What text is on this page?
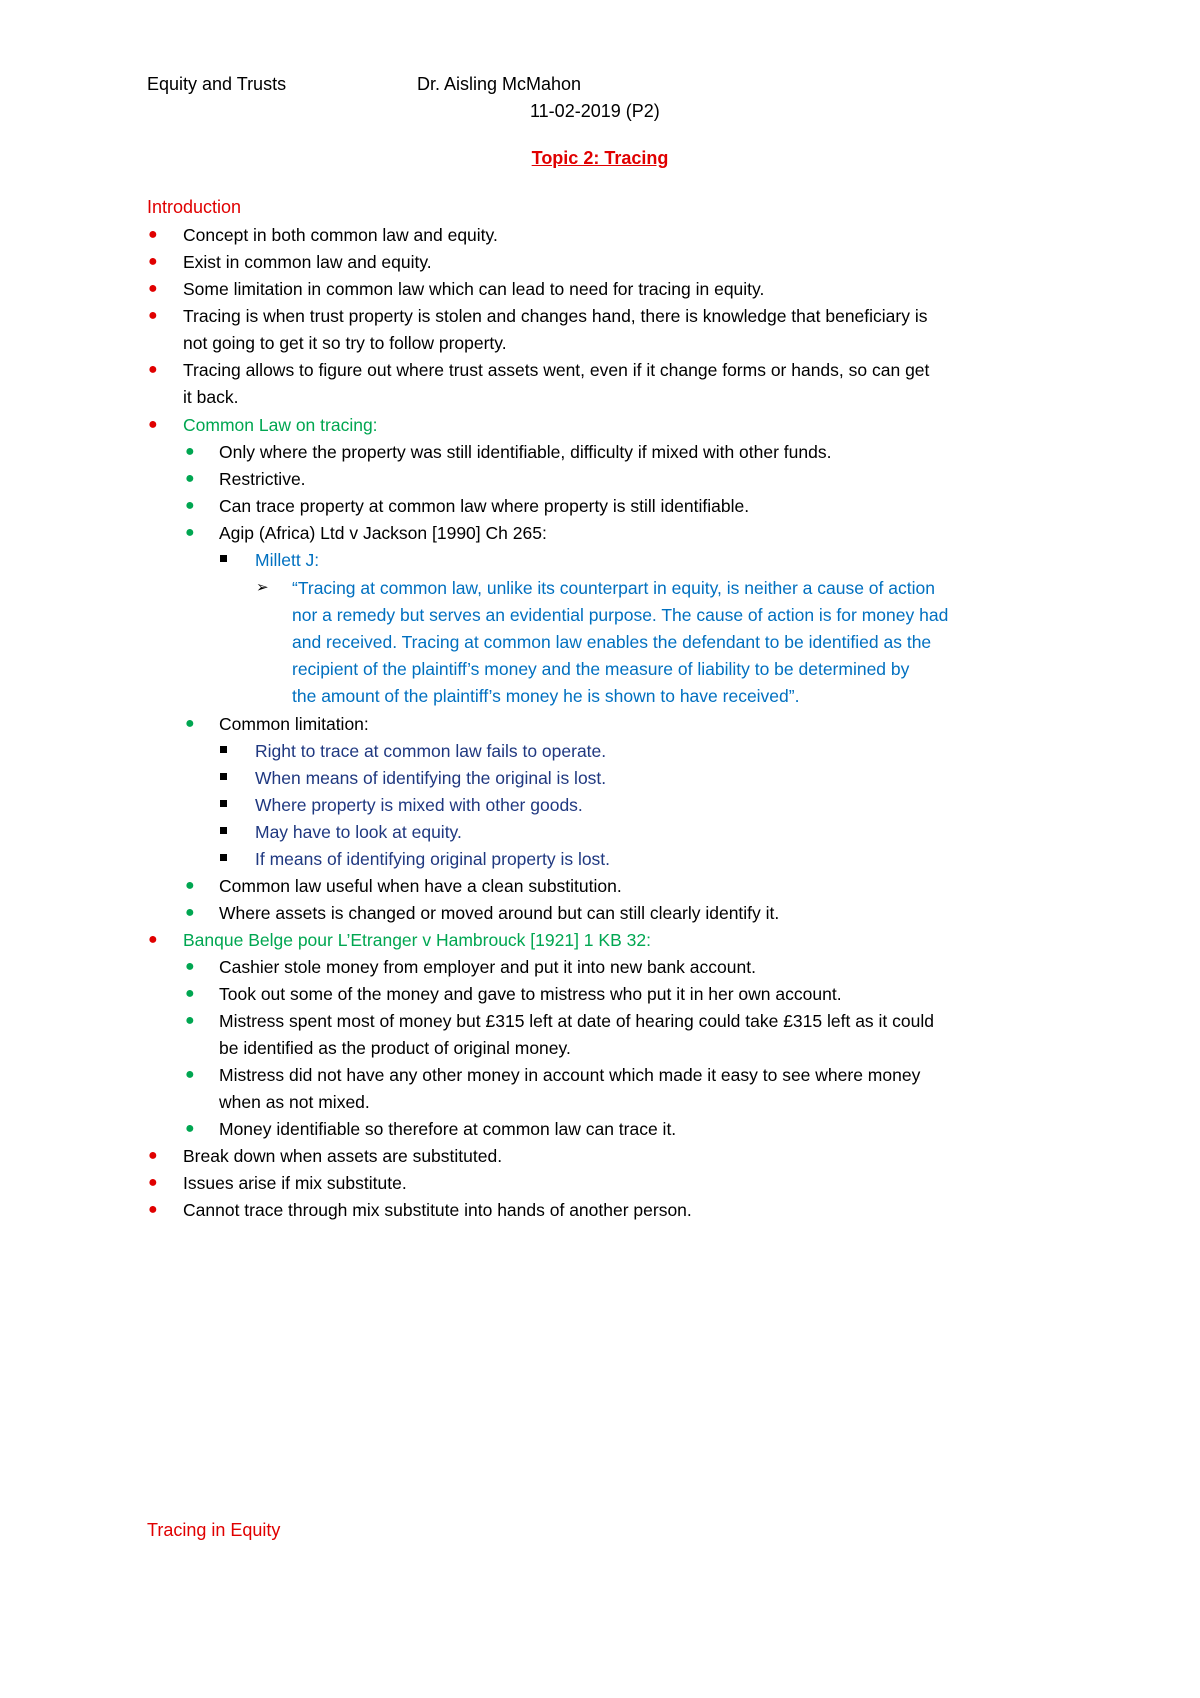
Equity and Trusts	Dr. Aisling McMahon
11-02-2019 (P2)
Topic 2: Tracing
Introduction
● Concept in both common law and equity.
● Exist in common law and equity.
● Some limitation in common law which can lead to need for tracing in equity.
● Tracing is when trust property is stolen and changes hand, there is knowledge that beneficiary is
not going to get it so try to follow property.
● Tracing allows to figure out where trust assets went, even if it change forms or hands, so can get
it back.
● Common Law on tracing:
● Only where the property was still identifiable, difficulty if mixed with other funds.
● Restrictive.
● Can trace property at common law where property is still identifiable.
● Agip (Africa) Ltd v Jackson [1990] Ch 265:
Millett J:
➢ “Tracing at common law, unlike its counterpart in equity, is neither a cause of action
nor a remedy but serves an evidential purpose. The cause of action is for money had
and received. Tracing at common law enables the defendant to be identified as the
recipient of the plaintiff’s money and the measure of liability to be determined by
the amount of the plaintiff’s money he is shown to have received”.
● Common limitation:
Right to trace at common law fails to operate.
When means of identifying the original is lost.
Where property is mixed with other goods.
May have to look at equity.
If means of identifying original property is lost.
● Common law useful when have a clean substitution.
● Where assets is changed or moved around but can still clearly identify it.
● Banque Belge pour L’Etranger v Hambrouck [1921] 1 KB 32:
● Cashier stole money from employer and put it into new bank account.
● Took out some of the money and gave to mistress who put it in her own account.
● Mistress spent most of money but £315 left at date of hearing could take £315 left as it could
be identified as the product of original money.
● Mistress did not have any other money in account which made it easy to see where money
when as not mixed.
● Money identifiable so therefore at common law can trace it.
● Break down when assets are substituted.
● Issues arise if mix substitute.
● Cannot trace through mix substitute into hands of another person.
Tracing in Equity
